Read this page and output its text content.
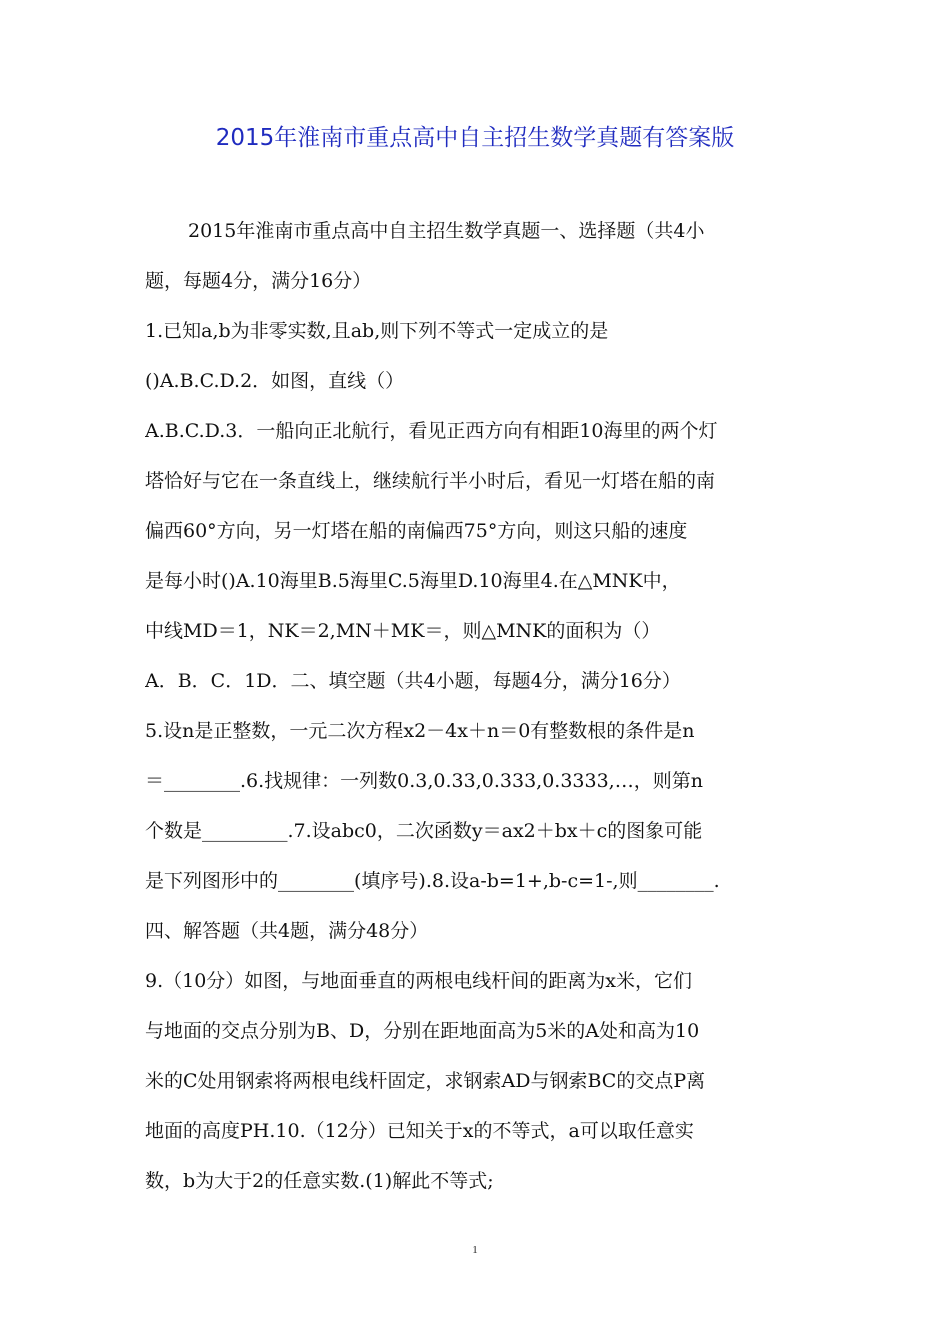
2015年淮南市重点高中自主招生数学真题有答案版
2015年淮南市重点高中自主招生数学真题一、选择题（共4小
题，每题4分，满分16分）
1.已知a,b为非零实数,且ab,则下列不等式一定成立的是
()A.B.C.D.2．如图，直线（）
A.B.C.D.3．一船向正北航行，看见正西方向有相距10海里的两个灯
塔恰好与它在一条直线上，继续航行半小时后，看见一灯塔在船的南
偏西60°方向，另一灯塔在船的南偏西75°方向，则这只船的速度
是每小时()A.10海里B.5海里C.5海里D.10海里4.在△MNK中，
中线MD＝1，NK＝2,MN＋MK＝，则△MNK的面积为（）
A．B．C．1D．二、填空题（共4小题，每题4分，满分16分）
5.设n是正整数，一元二次方程x2－4x＋n＝0有整数根的条件是n
＝________.6.找规律：一列数0.3,0.33,0.333,0.3333,…，则第n
个数是_________.7.设abc0，二次函数y＝ax2＋bx＋c的图象可能
是下列图形中的________(填序号).8.设a-b=1+,b-c=1-,则________.
四、解答题（共4题，满分48分）
9.（10分）如图，与地面垂直的两根电线杆间的距离为x米，它们
与地面的交点分别为B、D，分别在距地面高为5米的A处和高为10
米的C处用钢索将两根电线杆固定，求钢索AD与钢索BC的交点P离
地面的高度PH.10.（12分）已知关于x的不等式，a可以取任意实
数，b为大于2的任意实数.(1)解此不等式;
1
